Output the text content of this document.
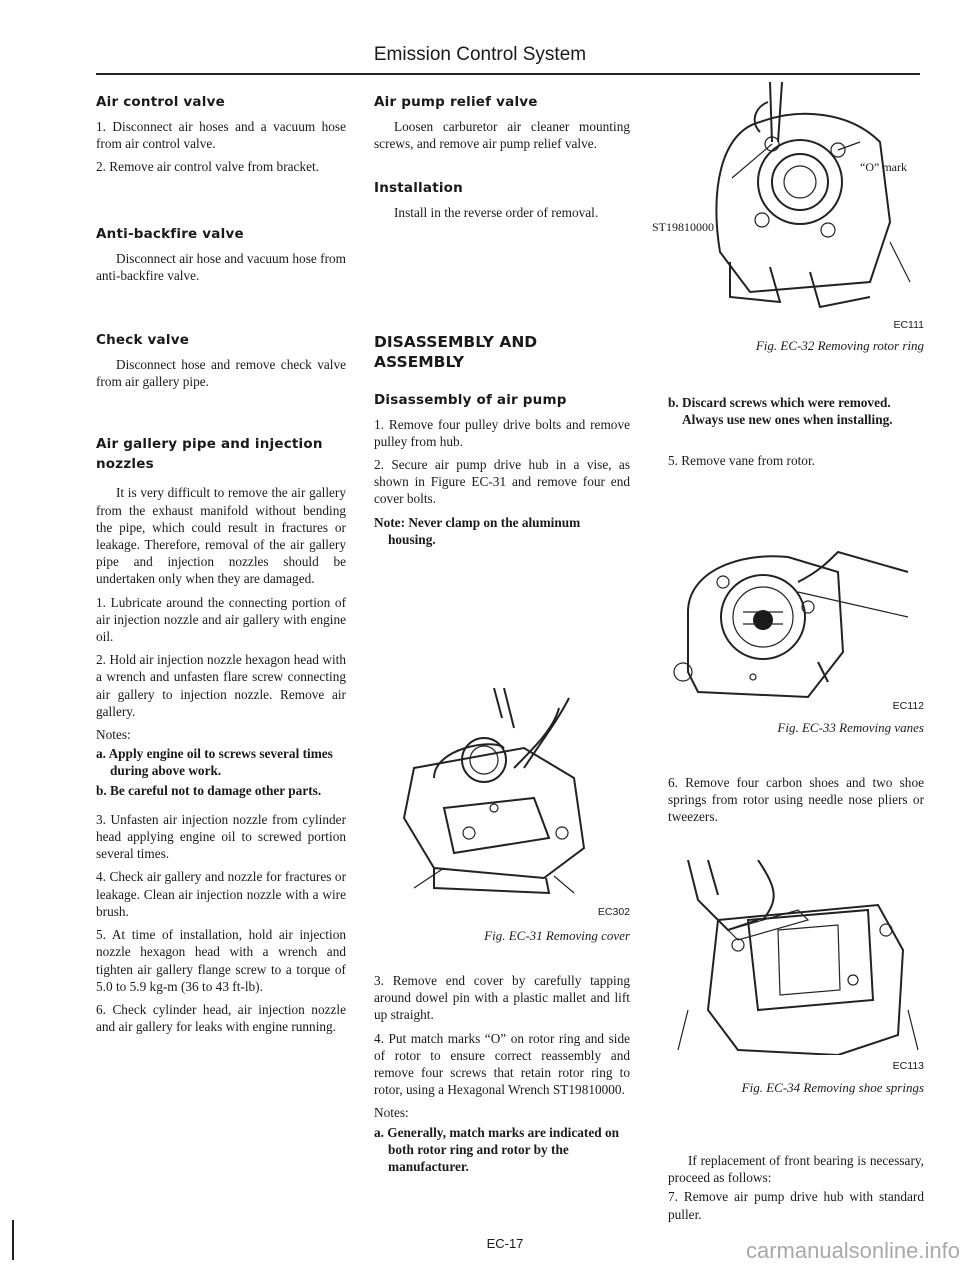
Emission Control System
Air control valve

1. Disconnect air hoses and a vacuum hose from air control valve.

2. Remove air control valve from bracket.

Anti-backfire valve

Disconnect air hose and vacuum hose from anti-backfire valve.

Check valve

Disconnect hose and remove check valve from air gallery pipe.

Air gallery pipe and injection nozzles

It is very difficult to remove the air gallery from the exhaust manifold without bending the pipe, which could result in fractures or leakage. Therefore, removal of the air gallery pipe and injection nozzles should be undertaken only when they are damaged.

1. Lubricate around the connecting portion of air injection nozzle and air gallery with engine oil.

2. Hold air injection nozzle hexagon head with a wrench and unfasten flare screw connecting air gallery to injection nozzle. Remove air gallery.

Notes:
a. Apply engine oil to screws several times during above work.
b. Be careful not to damage other parts.

3. Unfasten air injection nozzle from cylinder head applying engine oil to screwed portion several times.

4. Check air gallery and nozzle for fractures or leakage. Clean air injection nozzle with a wire brush.

5. At time of installation, hold air injection nozzle hexagon head with a wrench and tighten air gallery flange screw to a torque of 5.0 to 5.9 kg-m (36 to 43 ft-lb).

6. Check cylinder head, air injection nozzle and air gallery for leaks with engine running.

Air pump relief valve

Loosen carburetor air cleaner mounting screws, and remove air pump relief valve.

Installation

Install in the reverse order of removal.

DISASSEMBLY AND ASSEMBLY
Disassembly of air pump

1. Remove four pulley drive bolts and remove pulley from hub.

2. Secure air pump drive hub in a vise, as shown in Figure EC-31 and remove four end cover bolts.

Note: Never clamp on the aluminum housing.

3. Remove end cover by carefully tapping around dowel pin with a plastic mallet and lift up straight.

4. Put match marks “O” on rotor ring and side of rotor to ensure correct reassembly and remove four screws that retain rotor ring to rotor, using a Hexagonal Wrench ST19810000.

Notes:
a. Generally, match marks are indicated on both rotor ring and rotor by the manufacturer.
EC302
Fig. EC-31 Removing cover
EC-17
ST19810000
“O” mark
EC111
Fig. EC-32 Removing rotor ring
b. Discard screws which were removed. Always use new ones when installing.

5. Remove vane from rotor.

EC112
Fig. EC-33 Removing vanes

6. Remove four carbon shoes and two shoe springs from rotor using needle nose pliers or tweezers.

EC113
Fig. EC-34 Removing shoe springs

If replacement of front bearing is necessary, proceed as follows:

7. Remove air pump drive hub with standard puller.

carmanualsonline.info
